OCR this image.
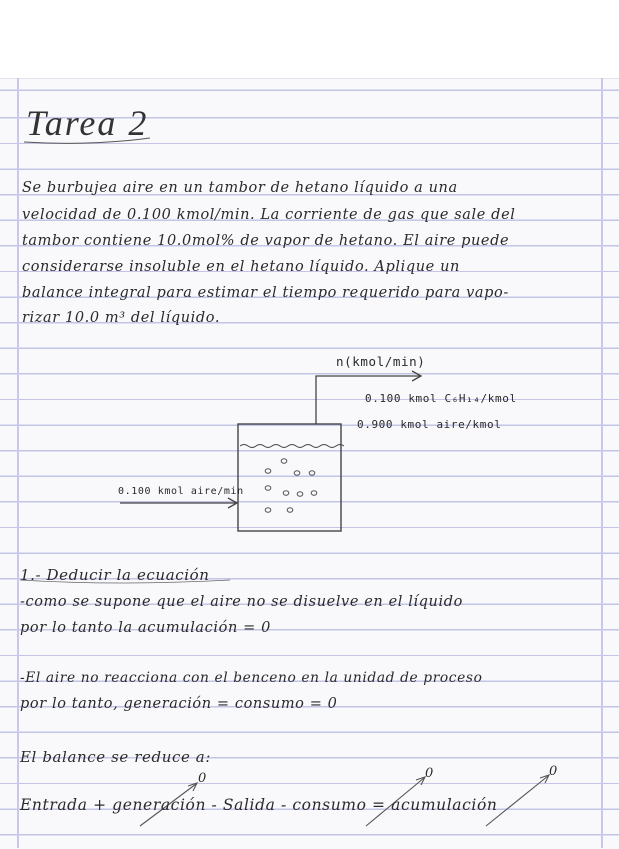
Tarea 2
Se burbujea aire en un tambor de hetano líquido a una
velocidad de 0.100 kmol/min. La corriente de gas que sale del
tambor contiene 10.0mol% de vapor de hetano. El aire puede
considerarse insoluble en el hetano líquido. Aplique un
balance integral para estimar el tiempo requerido para vapo-
rizar 10.0 m³ del líquido.
n(kmol/min)
0.100 kmol C₆H₁₄/kmol
0.900 kmol aire/kmol
0.100 kmol aire/min
1.- Deducir la ecuación
-como se supone que el aire no se disuelve en el líquido
por lo tanto la acumulación = 0
-El aire no reacciona con el benceno en la unidad de proceso
por lo tanto, generación = consumo = 0
El balance se reduce a:
0	0	0
Entrada + generación - Salida - consumo = acumulación
